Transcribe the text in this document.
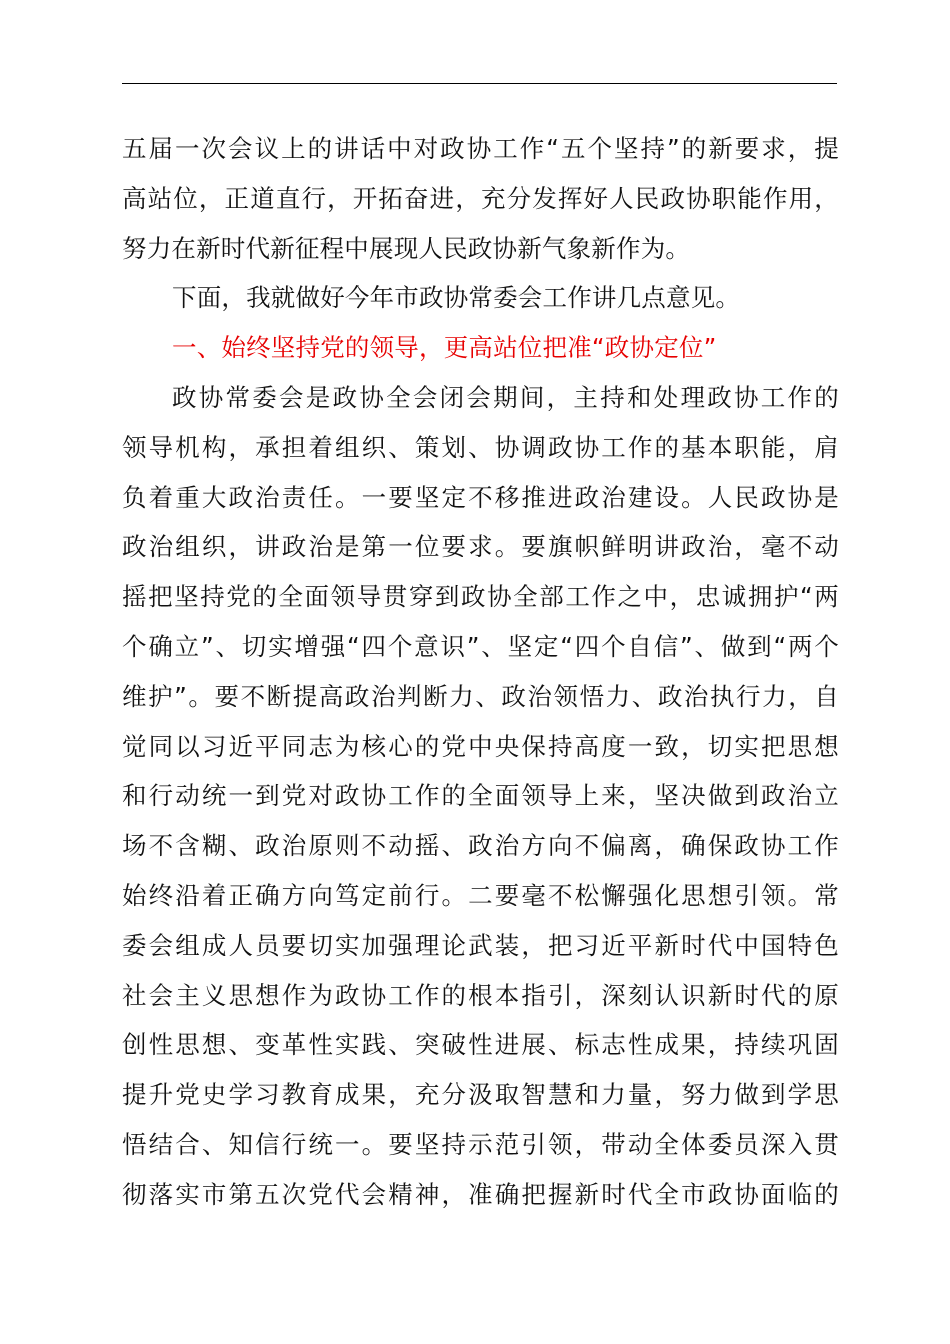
五届一次会议上的讲话中对政协工作“五个坚持”的新要求，提
高站位，正道直行，开拓奋进，充分发挥好人民政协职能作用，
努力在新时代新征程中展现人民政协新气象新作为。
下面，我就做好今年市政协常委会工作讲几点意见。
一、始终坚持党的领导，更高站位把准“政协定位”
政协常委会是政协全会闭会期间，主持和处理政协工作的
领导机构，承担着组织、策划、协调政协工作的基本职能，肩
负着重大政治责任。一要坚定不移推进政治建设。人民政协是
政治组织，讲政治是第一位要求。要旗帜鲜明讲政治，毫不动
摇把坚持党的全面领导贯穿到政协全部工作之中，忠诚拥护“两
个确立”、切实增强“四个意识”、坚定“四个自信”、做到“两个
维护”。要不断提高政治判断力、政治领悟力、政治执行力，自
觉同以习近平同志为核心的党中央保持高度一致，切实把思想
和行动统一到党对政协工作的全面领导上来，坚决做到政治立
场不含糊、政治原则不动摇、政治方向不偏离，确保政协工作
始终沿着正确方向笃定前行。二要毫不松懈强化思想引领。常
委会组成人员要切实加强理论武装，把习近平新时代中国特色
社会主义思想作为政协工作的根本指引，深刻认识新时代的原
创性思想、变革性实践、突破性进展、标志性成果，持续巩固
提升党史学习教育成果，充分汲取智慧和力量，努力做到学思
悟结合、知信行统一。要坚持示范引领，带动全体委员深入贯
彻落实市第五次党代会精神，准确把握新时代全市政协面临的
